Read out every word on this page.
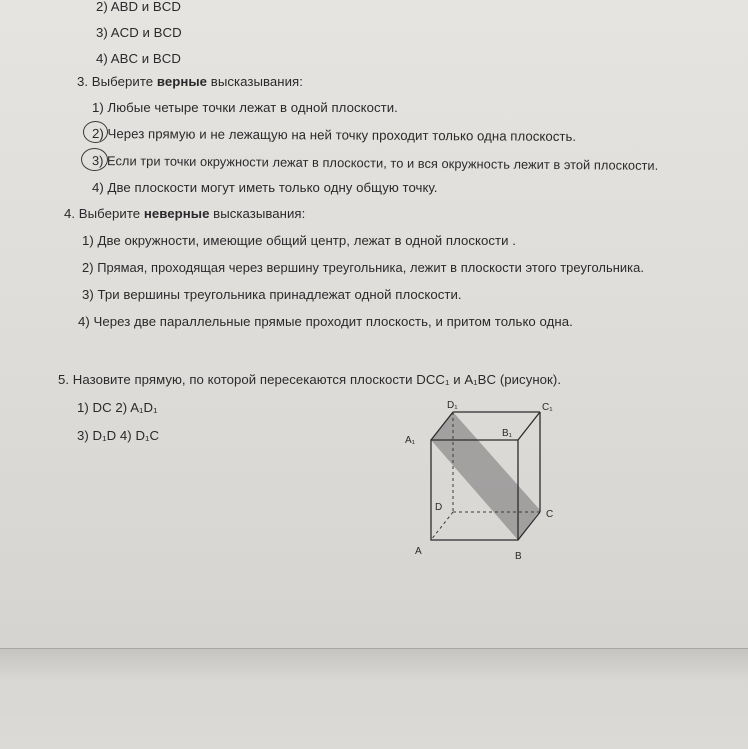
2) ABD и BCD
3) ACD и BCD
4) ABC и BCD
3. Выберите верные высказывания:
1) Любые четыре точки лежат в одной плоскости.
2) Через прямую и не лежащую на ней точку проходит только одна плоскость.
3) Если три точки окружности лежат в плоскости, то и вся окружность лежит в этой плоскости.
4) Две плоскости могут иметь только одну общую точку.
4. Выберите неверные высказывания:
1) Две окружности, имеющие общий центр, лежат в одной плоскости .
2) Прямая, проходящая через вершину треугольника, лежит в плоскости этого треугольника.
3) Три вершины треугольника принадлежат одной плоскости.
4) Через две параллельные прямые проходит плоскость, и притом только одна.
5. Назовите прямую, по которой пересекаются плоскости DCC₁ и A₁BC (рисунок).
1) DC 2) A₁D₁
3) D₁D 4) D₁C
D₁	C₁
B₁
A₁
D
C
A	B
